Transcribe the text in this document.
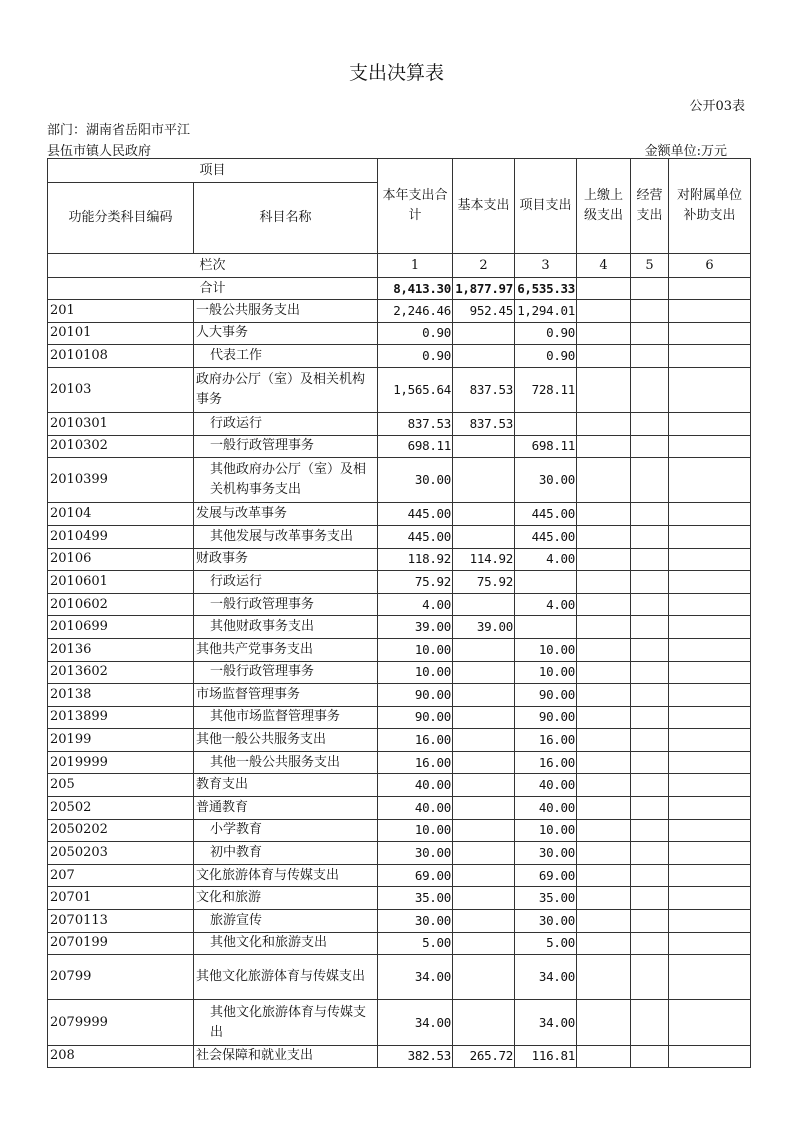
支出决算表
公开03表
部门：湖南省岳阳市平江
县伍市镇人民政府	金额单位:万元
项目		本年支出合计	基本支出	项目支出	上缴上级支出	经营支出	对附属单位补助支出
功能分类科目编码	科目名称						
栏次		1	2	3	4	5	6
合计		8,413.30	1,877.97	6,535.33			
201	一般公共服务支出	2,246.46	952.45	1,294.01			
20101	人大事务	0.90		0.90			
2010108	代表工作	0.90		0.90			
20103	政府办公厅（室）及相关机构事务	1,565.64	837.53	728.11			
2010301	行政运行	837.53	837.53				
2010302	一般行政管理事务	698.11		698.11			
2010399	其他政府办公厅（室）及相关机构事务支出	30.00		30.00			
20104	发展与改革事务	445.00		445.00			
2010499	其他发展与改革事务支出	445.00		445.00			
20106	财政事务	118.92	114.92	4.00			
2010601	行政运行	75.92	75.92				
2010602	一般行政管理事务	4.00		4.00			
2010699	其他财政事务支出	39.00	39.00				
20136	其他共产党事务支出	10.00		10.00			
2013602	一般行政管理事务	10.00		10.00			
20138	市场监督管理事务	90.00		90.00			
2013899	其他市场监督管理事务	90.00		90.00			
20199	其他一般公共服务支出	16.00		16.00			
2019999	其他一般公共服务支出	16.00		16.00			
205	教育支出	40.00		40.00			
20502	普通教育	40.00		40.00			
2050202	小学教育	10.00		10.00			
2050203	初中教育	30.00		30.00			
207	文化旅游体育与传媒支出	69.00		69.00			
20701	文化和旅游	35.00		35.00			
2070113	旅游宣传	30.00		30.00			
2070199	其他文化和旅游支出	5.00		5.00			
20799	其他文化旅游体育与传媒支出	34.00		34.00			
2079999	其他文化旅游体育与传媒支出	34.00		34.00			
208	社会保障和就业支出	382.53	265.72	116.81			
